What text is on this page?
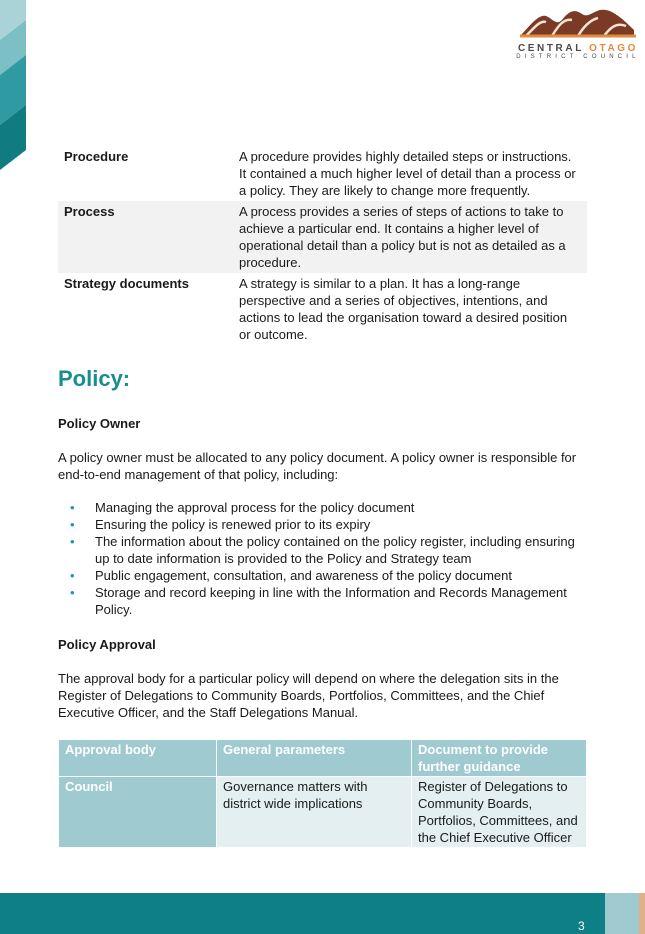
CENTRAL OTAGO
DISTRICT COUNCIL
Procedure	A procedure provides highly detailed steps or instructions. It contained a much higher level of detail than a process or a policy. They are likely to change more frequently.
Process	A process provides a series of steps of actions to take to achieve a particular end. It contains a higher level of operational detail than a policy but is not as detailed as a procedure.
Strategy documents	A strategy is similar to a plan. It has a long-range perspective and a series of objectives, intentions, and actions to lead the organisation toward a desired position or outcome.
Policy:
Policy Owner

A policy owner must be allocated to any policy document. A policy owner is responsible for end-to-end management of that policy, including:

• Managing the approval process for the policy document
• Ensuring the policy is renewed prior to its expiry
• The information about the policy contained on the policy register, including ensuring up to date information is provided to the Policy and Strategy team
• Public engagement, consultation, and awareness of the policy document
• Storage and record keeping in line with the Information and Records Management Policy.
Policy Approval

The approval body for a particular policy will depend on where the delegation sits in the Register of Delegations to Community Boards, Portfolios, Committees, and the Chief Executive Officer, and the Staff Delegations Manual.

Approval body	General parameters	Document to provide further guidance
Council	Governance matters with district wide implications	Register of Delegations to Community Boards, Portfolios, Committees, and the Chief Executive Officer
3
